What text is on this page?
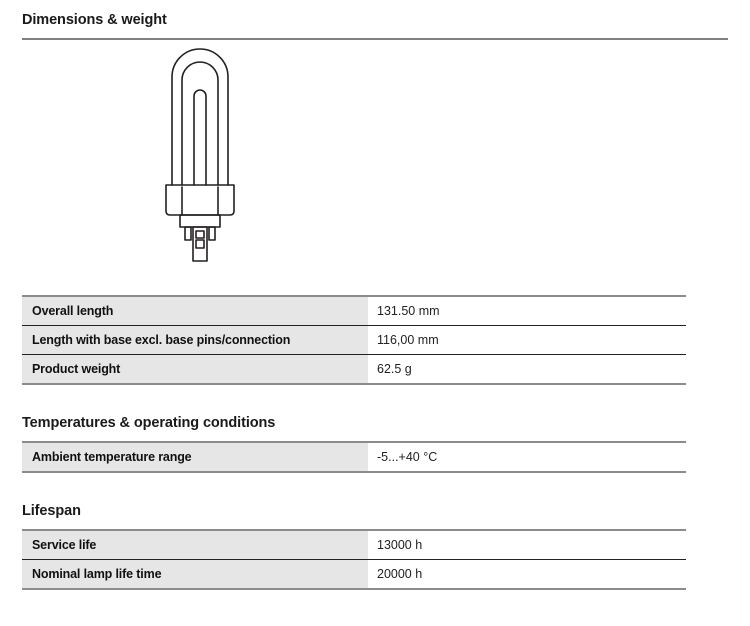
Dimensions & weight
Overall length	131.50 mm
Length with base excl. base pins/connection	116,00 mm
Product weight	62.5 g
Temperatures & operating conditions
Ambient temperature range	-5...+40 °C
Lifespan
Service life	13000 h
Nominal lamp life time	20000 h
